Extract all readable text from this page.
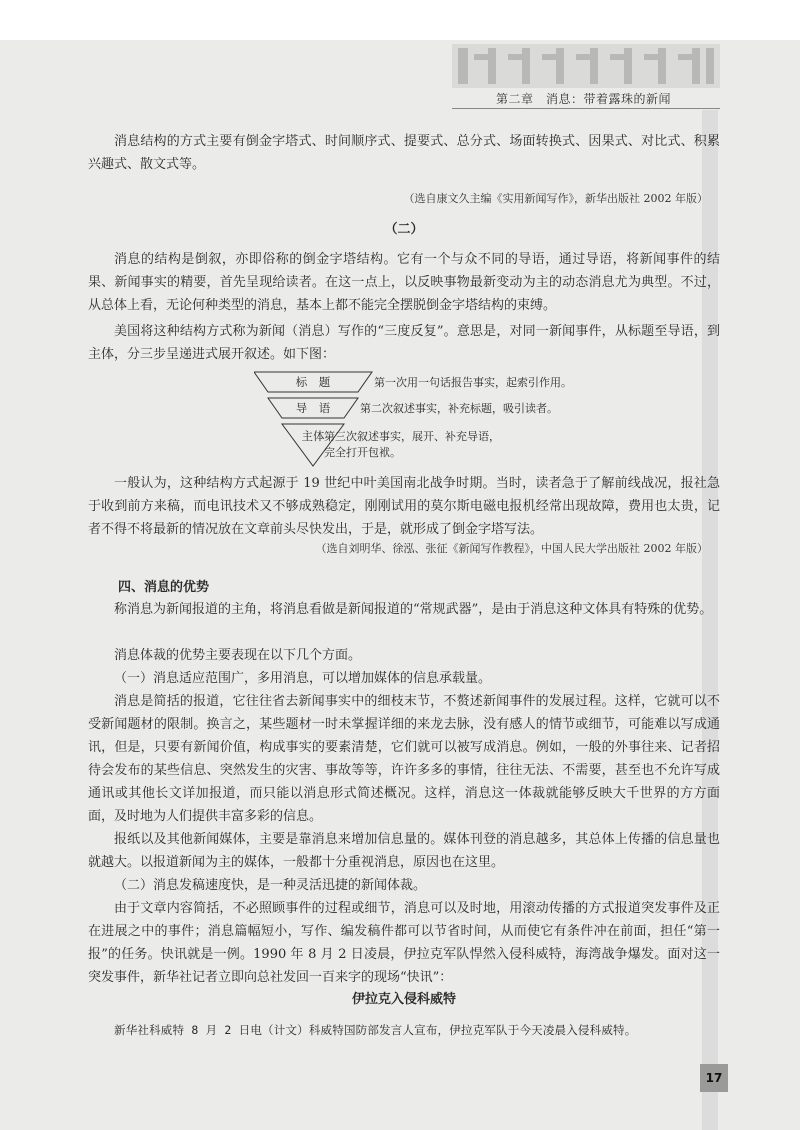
第二章　消息：带着露珠的新闻

消息结构的方式主要有倒金字塔式、时间顺序式、提要式、总分式、场面转换式、因果式、对比式、积累兴趣式、散文式等。

（选自康文久主编《实用新闻写作》，新华出版社 2002 年版）
（二）

消息的结构是倒叙，亦即俗称的倒金字塔结构。它有一个与众不同的导语，通过导语，将新闻事件的结果、新闻事实的精要，首先呈现给读者。在这一点上，以反映事物最新变动为主的动态消息尤为典型。不过，从总体上看，无论何种类型的消息，基本上都不能完全摆脱倒金字塔结构的束缚。

美国将这种结构方式称为新闻（消息）写作的“三度反复”。意思是，对同一新闻事件，从标题至导语，到主体，分三步呈递进式展开叙述。如下图：

标　题
导　语
主体
第一次用一句话报告事实，起索引作用。
第二次叙述事实，补充标题，吸引读者。
第三次叙述事实，展开、补充导语，
完全打开包袱。

一般认为，这种结构方式起源于 19 世纪中叶美国南北战争时期。当时，读者急于了解前线战况，报社急于收到前方来稿，而电讯技术又不够成熟稳定，刚刚试用的莫尔斯电磁电报机经常出现故障，费用也太贵，记者不得不将最新的情况放在文章前头尽快发出，于是，就形成了倒金字塔写法。

（选自刘明华、徐泓、张征《新闻写作教程》，中国人民大学出版社 2002 年版）
四、消息的优势

称消息为新闻报道的主角，将消息看做是新闻报道的“常规武器”，是由于消息这种文体具有特殊的优势。

消息体裁的优势主要表现在以下几个方面。

（一）消息适应范围广，多用消息，可以增加媒体的信息承载量。

消息是简括的报道，它往往省去新闻事实中的细枝末节，不赘述新闻事件的发展过程。这样，它就可以不受新闻题材的限制。换言之，某些题材一时未掌握详细的来龙去脉，没有感人的情节或细节，可能难以写成通讯，但是，只要有新闻价值，构成事实的要素清楚，它们就可以被写成消息。例如，一般的外事往来、记者招待会发布的某些信息、突然发生的灾害、事故等等，许许多多的事情，往往无法、不需要，甚至也不允许写成通讯或其他长文详加报道，而只能以消息形式简述概况。这样，消息这一体裁就能够反映大千世界的方方面面，及时地为人们提供丰富多彩的信息。

报纸以及其他新闻媒体，主要是靠消息来增加信息量的。媒体刊登的消息越多，其总体上传播的信息量也就越大。以报道新闻为主的媒体，一般都十分重视消息，原因也在这里。

（二）消息发稿速度快，是一种灵活迅捷的新闻体裁。

由于文章内容简括，不必照顾事件的过程或细节，消息可以及时地，用滚动传播的方式报道突发事件及正在进展之中的事件；消息篇幅短小，写作、编发稿件都可以节省时间，从而使它有条件冲在前面，担任“第一报”的任务。快讯就是一例。1990 年 8 月 2 日凌晨，伊拉克军队悍然入侵科威特，海湾战争爆发。面对这一突发事件，新华社记者立即向总社发回一百来字的现场“快讯”：

伊拉克入侵科威特
新华社科威特 8 月 2 日电（计文）科威特国防部发言人宣布，伊拉克军队于今天凌晨入侵科威特。
17
